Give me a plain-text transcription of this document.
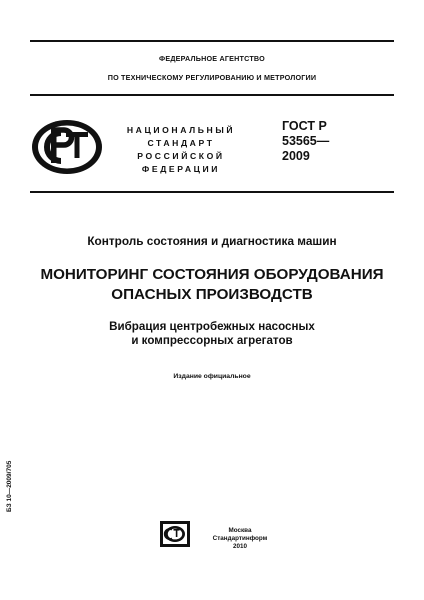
ФЕДЕРАЛЬНОЕ АГЕНТСТВО
ПО ТЕХНИЧЕСКОМУ РЕГУЛИРОВАНИЮ И МЕТРОЛОГИИ
НАЦИОНАЛЬНЫЙ
СТАНДАРТ
РОССИЙСКОЙ
ФЕДЕРАЦИИ
ГОСТ Р
53565—
2009
Контроль состояния и диагностика машин
МОНИТОРИНГ СОСТОЯНИЯ ОБОРУДОВАНИЯ
ОПАСНЫХ ПРОИЗВОДСТВ
Вибрация центробежных насосных
и компрессорных агрегатов
Издание официальное
БЗ 10—2009/705
Москва
Стандартинформ
2010
